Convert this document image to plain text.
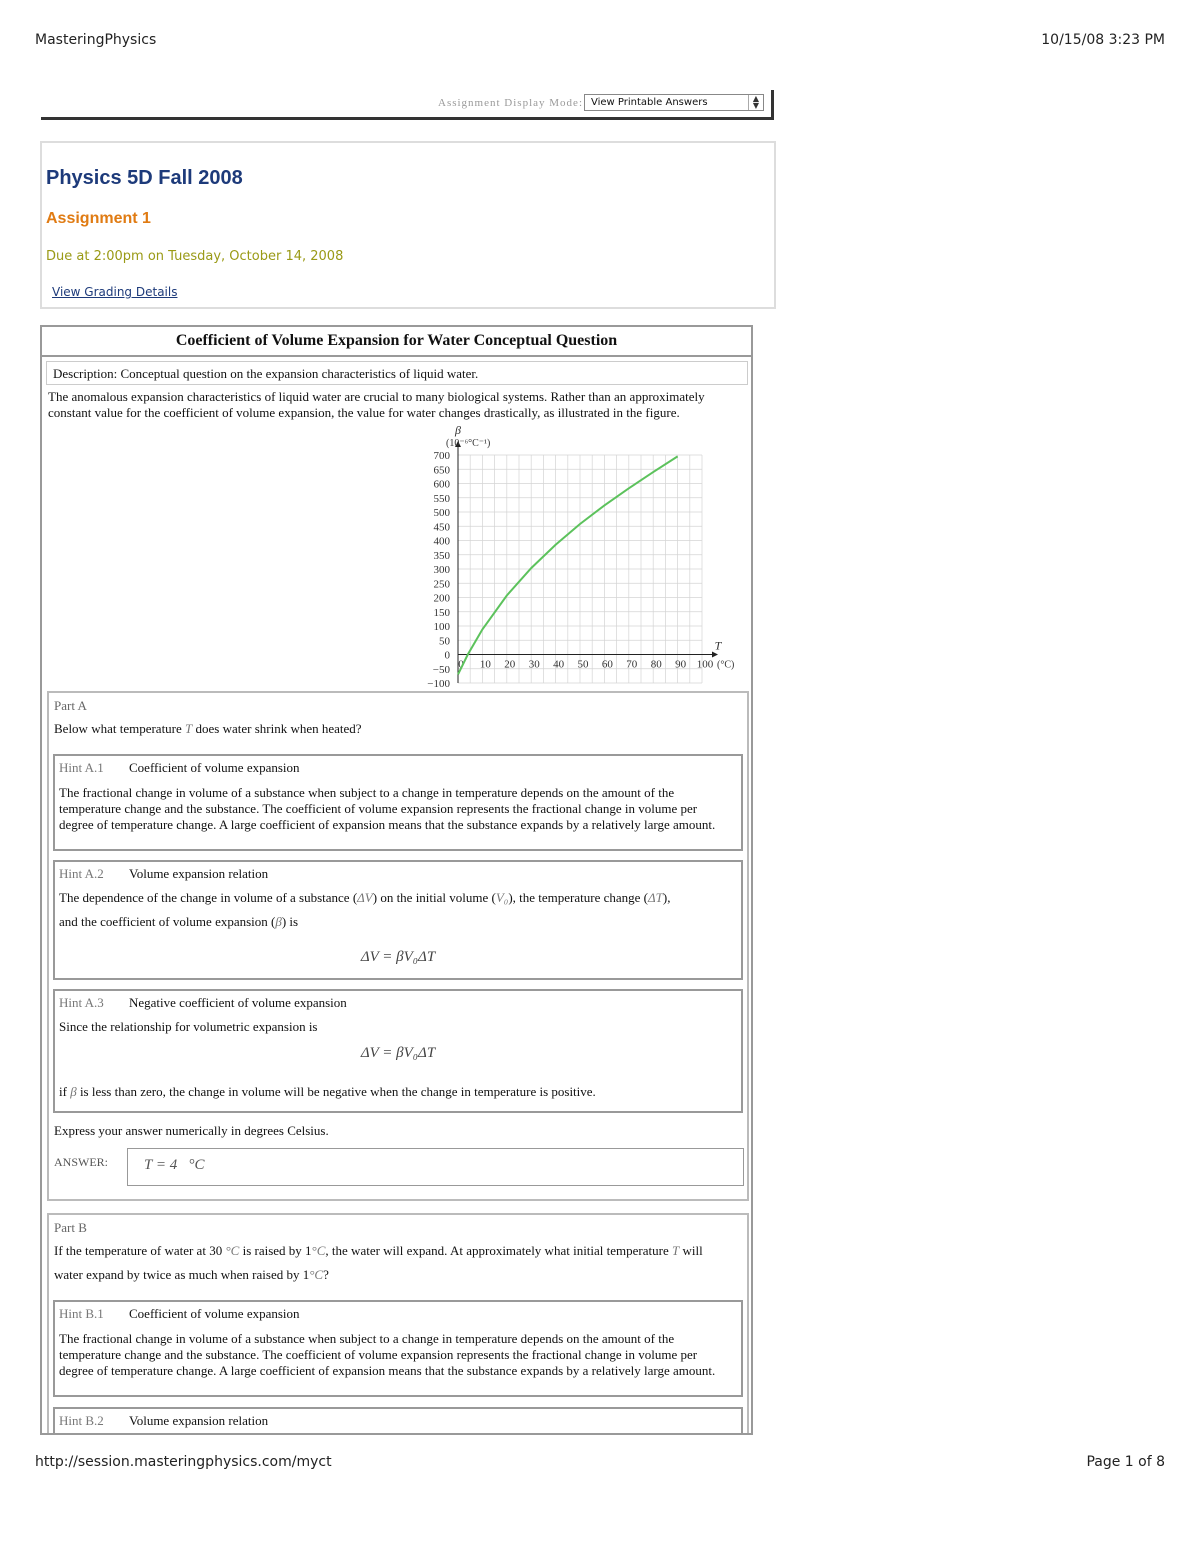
MasteringPhysics	10/15/08 3:23 PM
Assignment Display Mode: View Printable Answers	▲
▼
Physics 5D Fall 2008
Assignment 1
Due at 2:00pm on Tuesday, October 14, 2008
View Grading Details
Coefficient of Volume Expansion for Water Conceptual Question
Description: Conceptual question on the expansion characteristics of liquid water.
The anomalous expansion characteristics of liquid water are crucial to many biological systems. Rather than an approximately constant value for the coefficient of volume expansion, the value for water changes drastically, as illustrated in the figure.
700
650
600
550
500
450
400
350
300
250
200
150
100
50
0
−50
−100
0 10 20 30 40 50 60 70 80 90 100
β
(10⁻⁶°C⁻¹)
T
(°C)
Part A
Below what temperature T does water shrink when heated?
Hint A.1 Coefficient of volume expansion
The fractional change in volume of a substance when subject to a change in temperature depends on the amount of the temperature change and the substance. The coefficient of volume expansion represents the fractional change in volume per degree of temperature change. A large coefficient of expansion means that the substance expands by a relatively large amount.
Hint A.2 Volume expansion relation
The dependence of the change in volume of a substance (ΔV) on the initial volume (V₀), the temperature change (ΔT),
and the coefficient of volume expansion (β) is
ΔV = βV₀ΔT
Hint A.3 Negative coefficient of volume expansion
Since the relationship for volumetric expansion is
ΔV = βV₀ΔT
if β is less than zero, the change in volume will be negative when the change in temperature is positive.
Express your answer numerically in degrees Celsius.
ANSWER: T = 4   °C
Part B
If the temperature of water at 30 °C is raised by 1°C, the water will expand. At approximately what initial temperature T will
water expand by twice as much when raised by 1°C?
Hint B.1 Coefficient of volume expansion
The fractional change in volume of a substance when subject to a change in temperature depends on the amount of the temperature change and the substance. The coefficient of volume expansion represents the fractional change in volume per degree of temperature change. A large coefficient of expansion means that the substance expands by a relatively large amount.
Hint B.2 Volume expansion relation
http://session.masteringphysics.com/myct	Page 1 of 8
